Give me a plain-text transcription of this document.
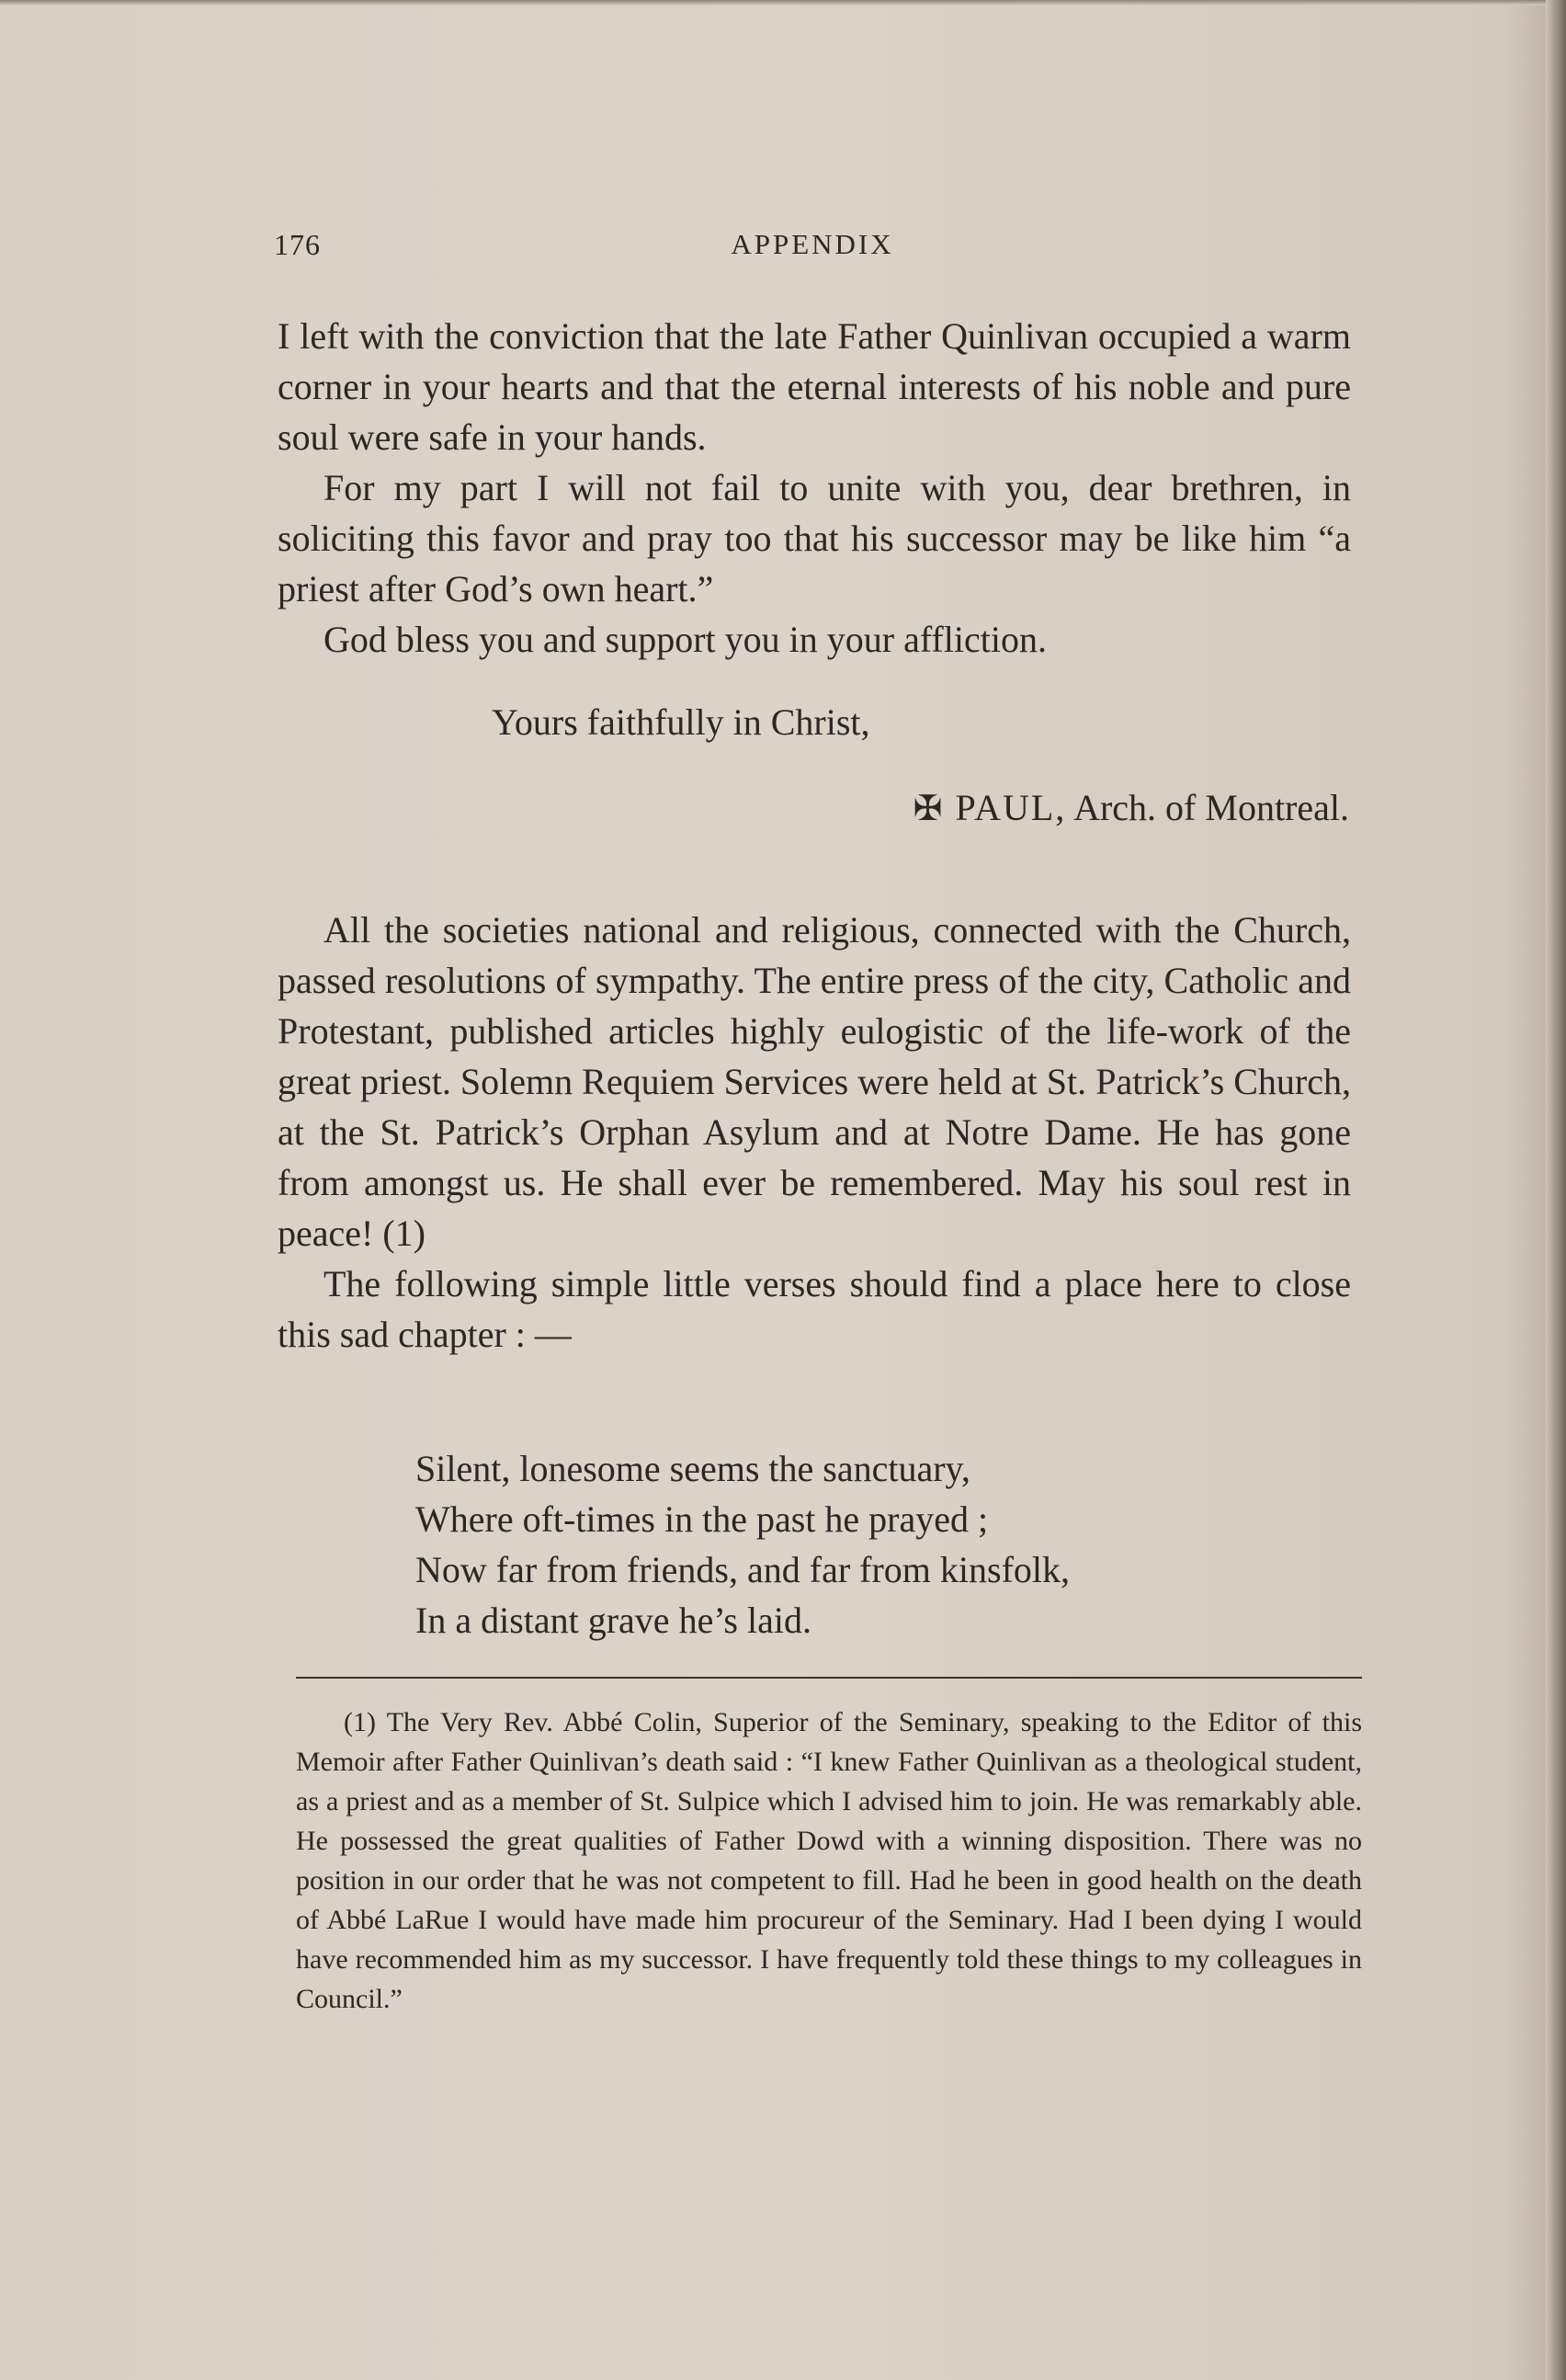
176	APPENDIX

I left with the conviction that the late Father Quinlivan occupied a warm corner in your hearts and that the eternal interests of his noble and pure soul were safe in your hands.

For my part I will not fail to unite with you, dear brethren, in soliciting this favor and pray too that his successor may be like him “a priest after God’s own heart.”

God bless you and support you in your affliction.

Yours faithfully in Christ,
✠ PAUL, Arch. of Montreal.

All the societies national and religious, connected with the Church, passed resolutions of sympathy. The entire press of the city, Catholic and Protestant, published articles highly eulogistic of the life-work of the great priest. Solemn Requiem Services were held at St. Patrick’s Church, at the St. Patrick’s Orphan Asylum and at Notre Dame. He has gone from amongst us. He shall ever be remembered. May his soul rest in peace! (1)

The following simple little verses should find a place here to close this sad chapter : —

Silent, lonesome seems the sanctuary,
Where oft-times in the past he prayed ;
Now far from friends, and far from kinsfolk,
In a distant grave he’s laid.

(1) The Very Rev. Abbé Colin, Superior of the Seminary, speaking to the Editor of this Memoir after Father Quinlivan’s death said : “I knew Father Quinlivan as a theological student, as a priest and as a member of St. Sulpice which I advised him to join. He was remarkably able. He possessed the great qualities of Father Dowd with a winning disposition. There was no position in our order that he was not competent to fill. Had he been in good health on the death of Abbé LaRue I would have made him procureur of the Seminary. Had I been dying I would have recommended him as my successor. I have frequently told these things to my colleagues in Council.”
